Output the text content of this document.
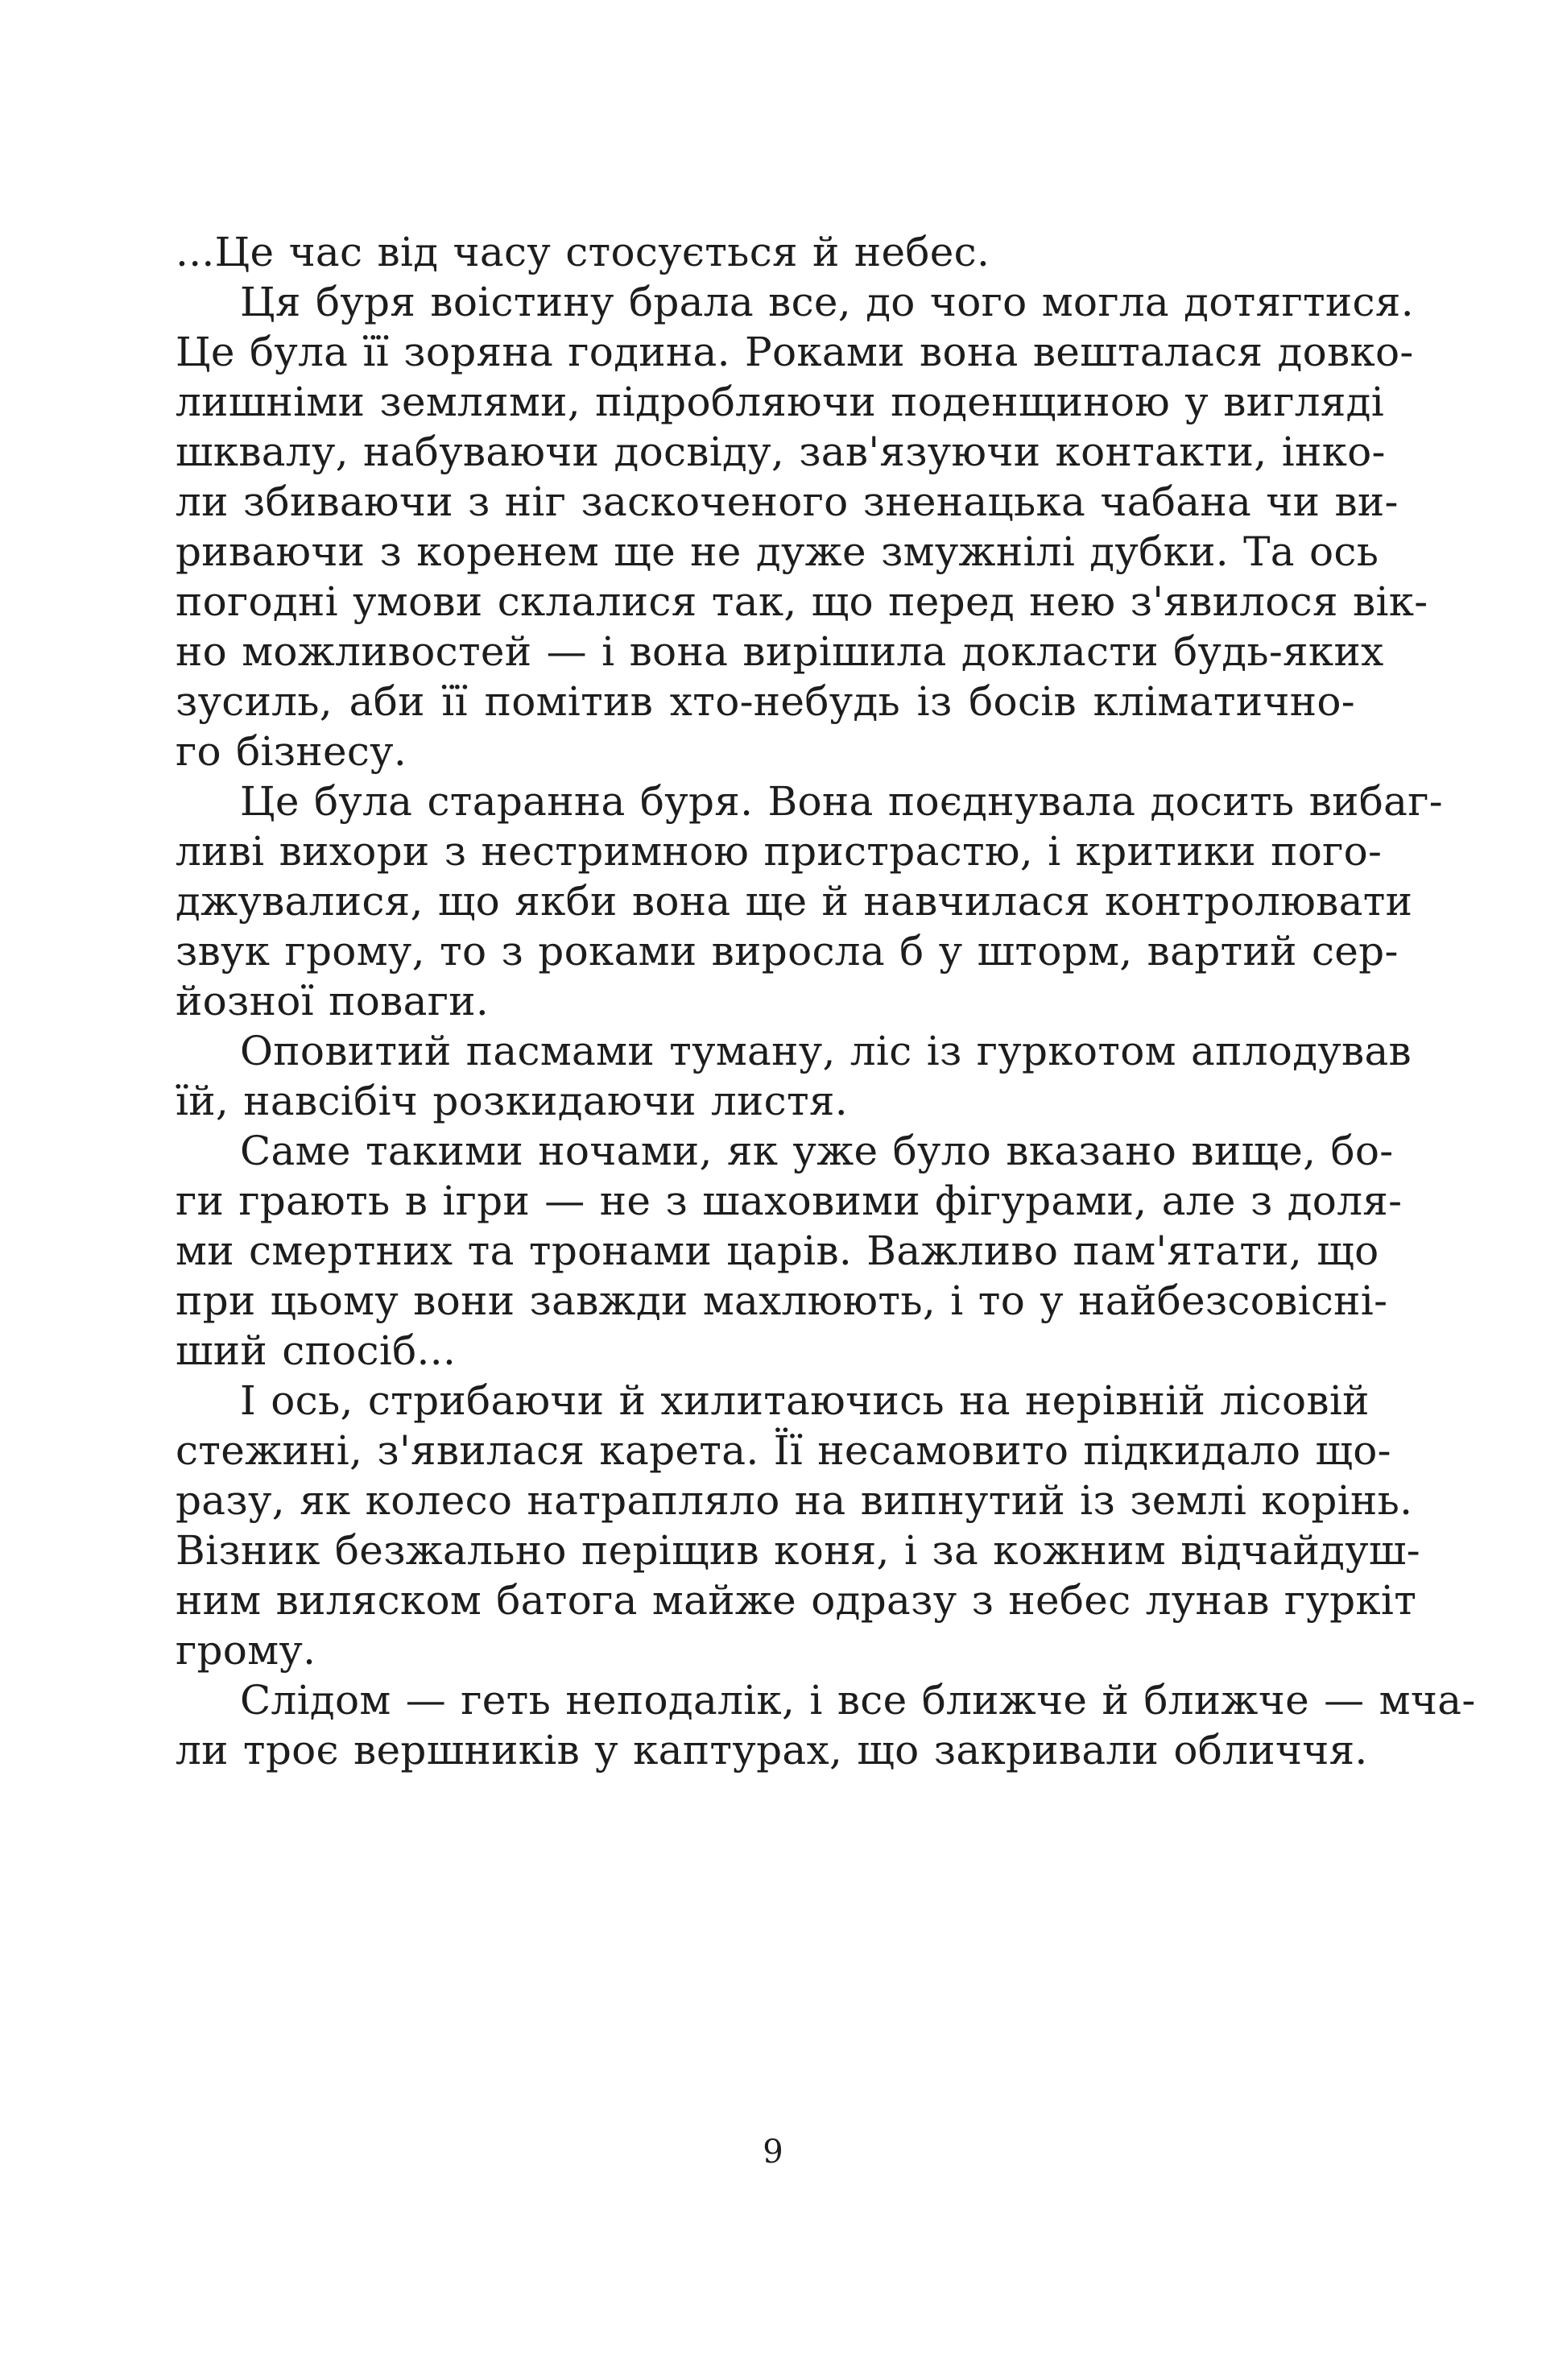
...Це час від часу стосується й небес.
Ця буря воістину брала все, до чого могла дотягтися.
Це була її зоряна година. Роками вона вешталася довко-
лишніми землями, підробляючи поденщиною у вигляді
шквалу, набуваючи досвіду, зав'язуючи контакти, інко-
ли збиваючи з ніг заскоченого зненацька чабана чи ви-
риваючи з коренем ще не дуже змужнілі дубки. Та ось
погодні умови склалися так, що перед нею з'явилося вік-
но можливостей — і вона вирішила докласти будь-яких
зусиль, аби її помітив хто-небудь із босів кліматично-
го бізнесу.
Це була старанна буря. Вона поєднувала досить вибаг-
ливі вихори з нестримною пристрастю, і критики пого-
джувалися, що якби вона ще й навчилася контролювати
звук грому, то з роками виросла б у шторм, вартий сер-
йозної поваги.
Оповитий пасмами туману, ліс із гуркотом аплодував
їй, навсібіч розкидаючи листя.
Саме такими ночами, як уже було вказано вище, бо-
ги грають в ігри — не з шаховими фігурами, але з доля-
ми смертних та тронами царів. Важливо пам'ятати, що
при цьому вони завжди махлюють, і то у найбезсовісні-
ший спосіб...
І ось, стрибаючи й хилитаючись на нерівній лісовій
стежині, з'явилася карета. Її несамовито підкидало що-
разу, як колесо натрапляло на випнутий із землі корінь.
Візник безжально періщив коня, і за кожним відчайдуш-
ним виляском батога майже одразу з небес лунав гуркіт
грому.
Слідом — геть неподалік, і все ближче й ближче — мча-
ли троє вершників у каптурах, що закривали обличчя.
9
